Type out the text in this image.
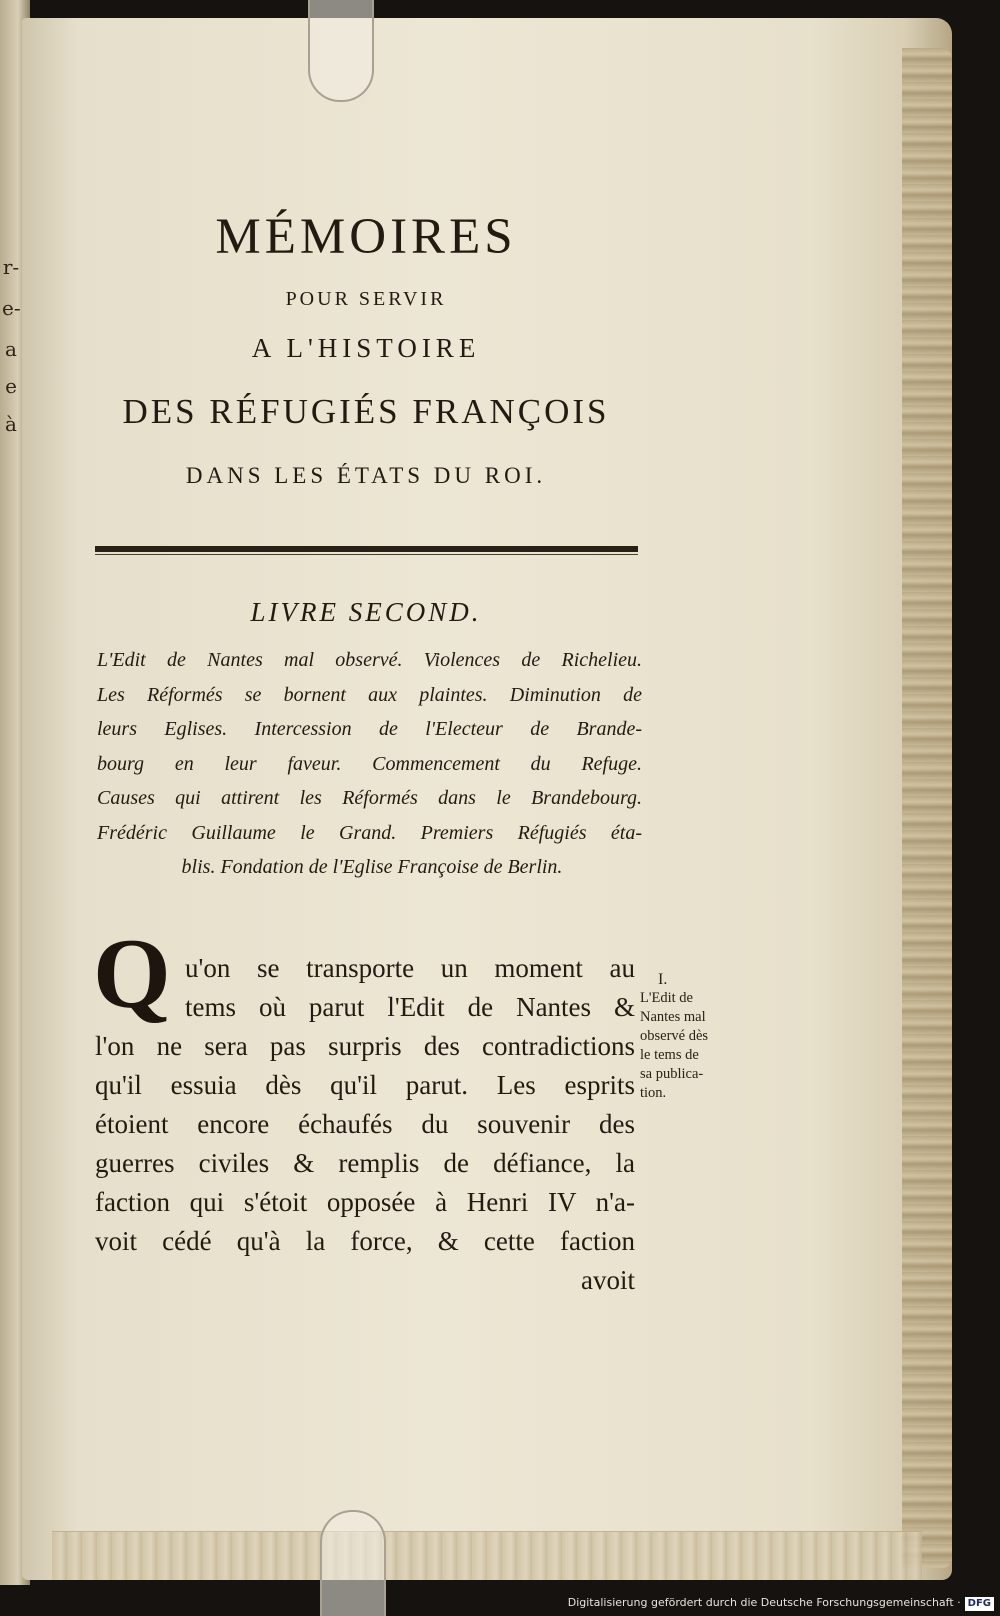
r-
e-
a
e
à
MÉMOIRES
POUR SERVIR
A L'HISTOIRE
DES RÉFUGIÉS FRANÇOIS
DANS LES ÉTATS DU ROI.
LIVRE SECOND.
L'Edit de Nantes mal observé. Violences de Richelieu.
Les Réformés se bornent aux plaintes. Diminution de
leurs Eglises. Intercession de l'Electeur de Brande-
bourg en leur faveur. Commencement du Refuge.
Causes qui attirent les Réformés dans le Brandebourg.
Frédéric Guillaume le Grand. Premiers Réfugiés éta-
blis. Fondation de l'Eglise Françoise de Berlin.
Q u'on se transporte un moment au
tems où parut l'Edit de Nantes &
l'on ne sera pas surpris des contradictions
qu'il essuia dès qu'il parut. Les esprits
étoient encore échaufés du souvenir des
guerres civiles & remplis de défiance, la
faction qui s'étoit opposée à Henri IV n'a-
voit cédé qu'à la force, & cette faction
avoit
I.
L'Edit de
Nantes mal
observé dès
le tems de
sa publica-
tion.
Digitalisierung gefördert durch die Deutsche Forschungsgemeinschaft · DFG
